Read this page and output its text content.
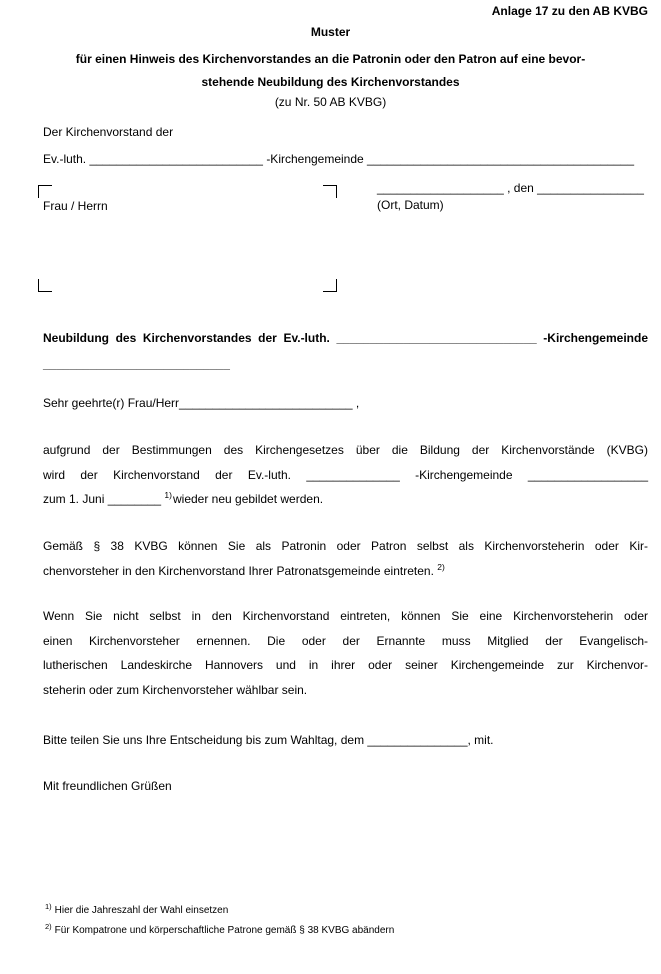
Anlage 17 zu den AB KVBG
Muster
für einen Hinweis des Kirchenvorstandes an die Patronin oder den Patron auf eine bevor-
stehende Neubildung des Kirchenvorstandes
(zu Nr. 50 AB KVBG)
Der Kirchenvorstand der
Ev.-luth. __________________________ -Kirchengemeinde ________________________________________
Frau / Herrn
___________________ , den ________________
(Ort, Datum)
Neubildung des Kirchenvorstandes der Ev.-luth. ______________________________ -Kirchengemeinde
____________________________
Sehr geehrte(r) Frau/Herr__________________________ ,
aufgrund der Bestimmungen des Kirchengesetzes über die Bildung der Kirchenvorstände (KVBG)
wird der Kirchenvorstand der Ev.-luth. ______________ -Kirchengemeinde __________________
zum 1. Juni ________ $^{1)}$wieder neu gebildet werden.
Gemäß § 38 KVBG können Sie als Patronin oder Patron selbst als Kirchenvorsteherin oder Kir-
chenvorsteher in den Kirchenvorstand Ihrer Patronatsgemeinde eintreten. $^{2)}$
Wenn Sie nicht selbst in den Kirchenvorstand eintreten, können Sie eine Kirchenvorsteherin oder
einen Kirchenvorsteher ernennen. Die oder der Ernannte muss Mitglied der Evangelisch-
lutherischen Landeskirche Hannovers und in ihrer oder seiner Kirchengemeinde zur Kirchenvor-
steherin oder zum Kirchenvorsteher wählbar sein.
Bitte teilen Sie uns Ihre Entscheidung bis zum Wahltag, dem _______________, mit.
Mit freundlichen Grüßen
$^{1)}$ Hier die Jahreszahl der Wahl einsetzen
$^{2)}$ Für Kompatrone und körperschaftliche Patrone gemäß § 38 KVBG abändern
